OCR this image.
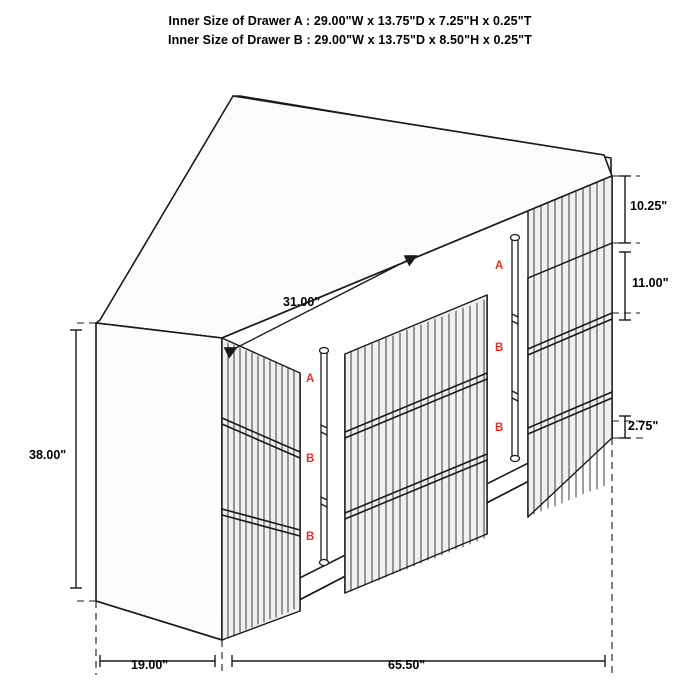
Inner Size of Drawer A : 29.00"W x 13.75"D x 7.25"H x 0.25"T
Inner Size of Drawer B : 29.00"W x 13.75"D x 8.50"H x 0.25"T
31.00"
38.00"
19.00"	65.50"
10.25"
11.00"
2.75"
A
B
B
A
B
B
